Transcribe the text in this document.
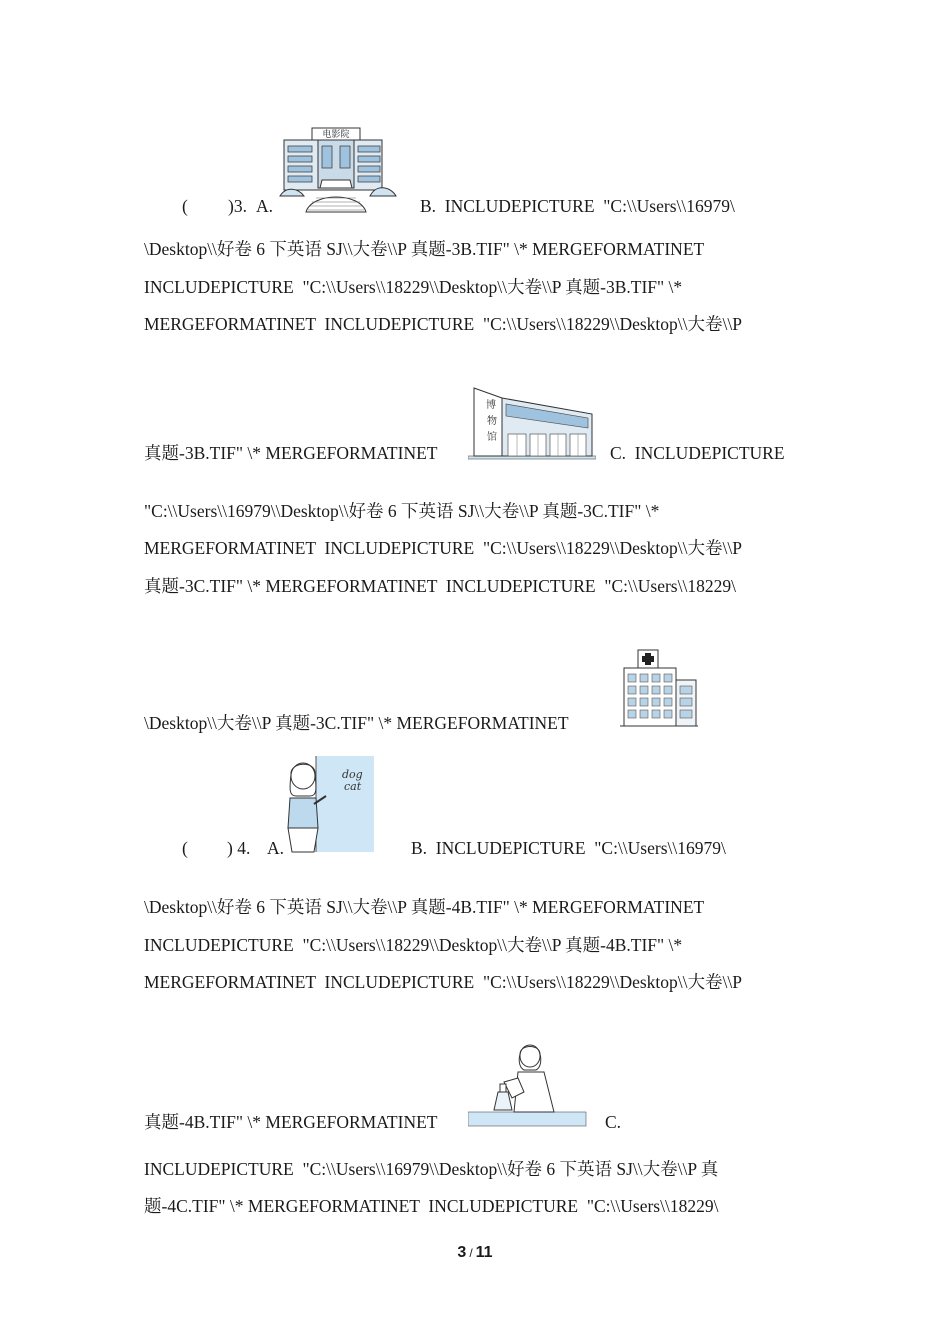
( )3. A.
电影院
B.  INCLUDEPICTURE  "C:\\Users\\16979\
\Desktop\\好卷 6 下英语 SJ\\大卷\\P 真题-3B.TIF" \* MERGEFORMATINET
INCLUDEPICTURE  "C:\\Users\\18229\\Desktop\\大卷\\P 真题-3B.TIF" \*
MERGEFORMATINET  INCLUDEPICTURE  "C:\\Users\\18229\\Desktop\\大卷\\P
真题-3B.TIF" \* MERGEFORMATINET
博
物
馆
C.  INCLUDEPICTURE
"C:\\Users\\16979\\Desktop\\好卷 6 下英语 SJ\\大卷\\P 真题-3C.TIF" \*
MERGEFORMATINET  INCLUDEPICTURE  "C:\\Users\\18229\\Desktop\\大卷\\P
真题-3C.TIF" \* MERGEFORMATINET  INCLUDEPICTURE  "C:\\Users\\18229\
\Desktop\\大卷\\P 真题-3C.TIF" \* MERGEFORMATINET
( ) 4. A.
dog
cat
B.  INCLUDEPICTURE  "C:\\Users\\16979\
\Desktop\\好卷 6 下英语 SJ\\大卷\\P 真题-4B.TIF" \* MERGEFORMATINET
INCLUDEPICTURE  "C:\\Users\\18229\\Desktop\\大卷\\P 真题-4B.TIF" \*
MERGEFORMATINET  INCLUDEPICTURE  "C:\\Users\\18229\\Desktop\\大卷\\P
真题-4B.TIF" \* MERGEFORMATINET	C.
INCLUDEPICTURE  "C:\\Users\\16979\\Desktop\\好卷 6 下英语 SJ\\大卷\\P 真
题-4C.TIF" \* MERGEFORMATINET  INCLUDEPICTURE  "C:\\Users\\18229\
3 / 11
